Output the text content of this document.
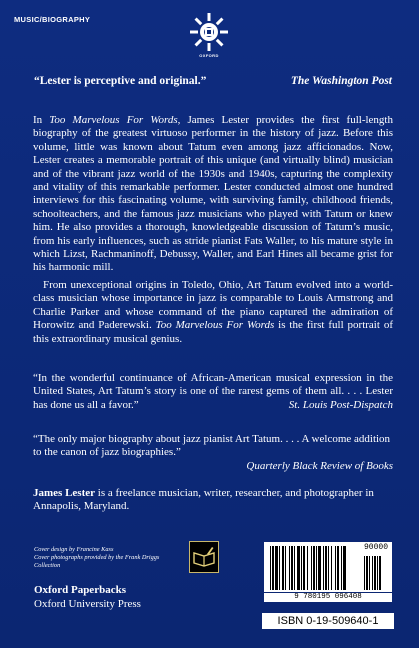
MUSIC/BIOGRAPHY
OXFORD
“Lester is perceptive and original.”	The Washington Post

In Too Marvelous For Words, James Lester provides the first full-length biography of the greatest virtuoso performer in the history of jazz. Before this volume, little was known about Tatum even among jazz afficionados. Now, Lester creates a memorable portrait of this unique (and virtually blind) musician and of the vibrant jazz world of the 1930s and 1940s, capturing the complexity and vitality of this remarkable performer. Lester conducted almost one hundred interviews for this fascinating volume, with surviving family, childhood friends, schoolteachers, and the famous jazz musicians who played with Tatum or knew him. He also provides a thorough, knowledgeable discussion of Tatum’s music, from his early influences, such as stride pianist Fats Waller, to his mature style in which Lizst, Rachmaninoff, Debussy, Waller, and Earl Hines all became grist for his harmonic mill.

From unexceptional origins in Toledo, Ohio, Art Tatum evolved into a world-class musician whose importance in jazz is comparable to Louis Armstrong and Charlie Parker and whose command of the piano captured the admiration of Horowitz and Paderewski. Too Marvelous For Words is the first full portrait of this extraordinary musical genius.

“In the wonderful continuance of African-American musical expression in the United States, Art Tatum’s story is one of the rarest gems of them all. . . . Lester has done us all a favor.”	St. Louis Post-Dispatch
“The only major biography about jazz pianist Art Tatum. . . . A welcome addition to the canon of jazz biographies.”
Quarterly Black Review of Books
James Lester is a freelance musician, writer, researcher, and photographer in Annapolis, Maryland.
Cover design by Francine Kass
Cover photographs provided by the Frank Driggs Collection
Oxford Paperbacks
Oxford University Press
90000
9 780195 096408
ISBN 0-19-509640-1
